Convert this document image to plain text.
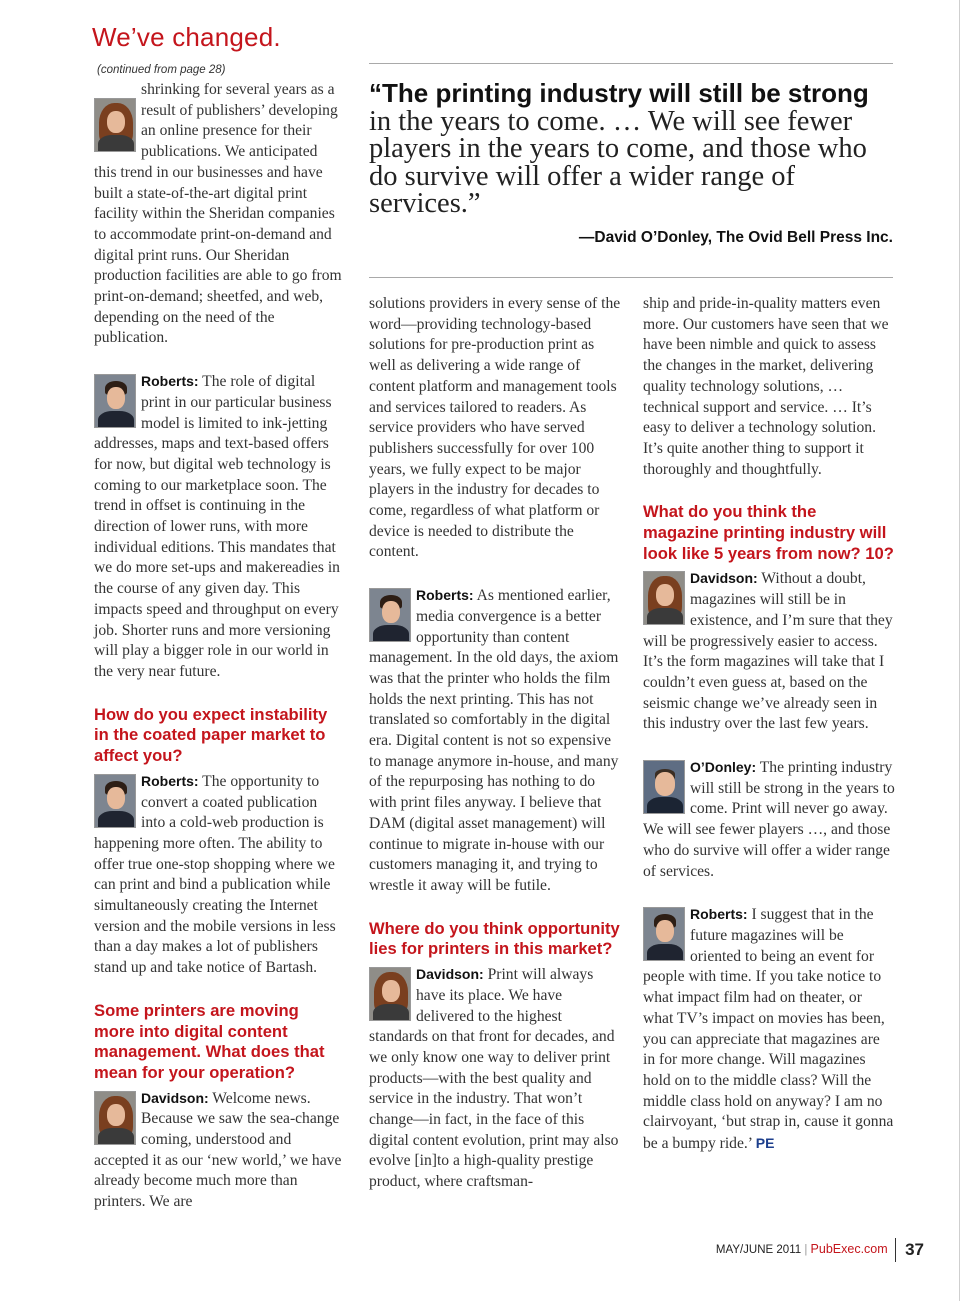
We’ve changed.

(continued from page 28)

shrinking for several years as a result of publishers’ developing an online presence for their publications. We anticipated this trend in our businesses and have built a state-of-the-art digital print facility within the Sheridan companies to accommodate print-on-demand and digital print runs. Our Sheridan production facilities are able to go from print-on-demand; sheetfed, and web, depending on the need of the publication.

Roberts: The role of digital print in our particular business model is limited to ink-jetting addresses, maps and text-based offers for now, but digital web technology is coming to our marketplace soon. The trend in offset is continuing in the direction of lower runs, with more individual editions. This mandates that we do more set-ups and makereadies in the course of any given day. This impacts speed and throughput on every job. Shorter runs and more versioning will play a bigger role in our world in the very near future.

How do you expect instability in the coated paper market to affect you?

Roberts: The opportunity to convert a coated publication into a cold-web production is happening more often. The ability to offer true one-stop shopping where we can print and bind a publication while simultaneously creating the Internet version and the mobile versions in less than a day makes a lot of publishers stand up and take notice of Bartash.

Some printers are moving more into digital content management. What does that mean for your operation?

Davidson: Welcome news. Because we saw the sea-change coming, understood and accepted it as our ‘new world,’ we have already become much more than printers. We are

“The printing industry will still be strong in the years to come. … We will see fewer players in the years to come, and those who do survive will offer a wider range of services.”

—David O’Donley, The Ovid Bell Press Inc.

solutions providers in every sense of the word—providing technology-based solutions for pre-production print as well as delivering a wide range of content platform and management tools and services tailored to readers. As service providers who have served publishers successfully for over 100 years, we fully expect to be major players in the industry for decades to come, regardless of what platform or device is needed to distribute the content.

Roberts: As mentioned earlier, media convergence is a better opportunity than content management. In the old days, the axiom was that the printer who holds the film holds the next printing. This has not translated so comfortably in the digital era. Digital content is not so expensive to manage anymore in-house, and many of the repurposing has nothing to do with print files anyway. I believe that DAM (digital asset management) will continue to migrate in-house with our customers managing it, and trying to wrestle it away will be futile.

Where do you think opportunity lies for printers in this market?

Davidson: Print will always have its place. We have delivered to the highest standards on that front for decades, and we only know one way to deliver print products—with the best quality and service in the industry. That won’t change—in fact, in the face of this digital content evolution, print may also evolve [in]to a high-quality prestige product, where craftsman-

ship and pride-in-quality matters even more. Our customers have seen that we have been nimble and quick to assess the changes in the market, delivering quality technology solutions, … technical support and service. … It’s easy to deliver a technology solution. It’s quite another thing to support it thoroughly and thoughtfully.

What do you think the magazine printing industry will look like 5 years from now? 10?

Davidson: Without a doubt, magazines will still be in existence, and I’m sure that they will be progressively easier to access. It’s the form magazines will take that I couldn’t even guess at, based on the seismic change we’ve already seen in this industry over the last few years.

O’Donley: The printing industry will still be strong in the years to come. Print will never go away. We will see fewer players …, and those who do survive will offer a wider range of services.

Roberts: I suggest that in the future magazines will be oriented to being an event for people with time. If you take notice to what impact film had on theater, or what TV’s impact on movies has been, you can appreciate that magazines are in for more change. Will magazines hold on to the middle class? Will the middle class hold on anyway? I am no clairvoyant, ‘but strap in, cause it gonna be a bumpy ride.’ PE

MAY/JUNE 2011 | PubExec.com 37
